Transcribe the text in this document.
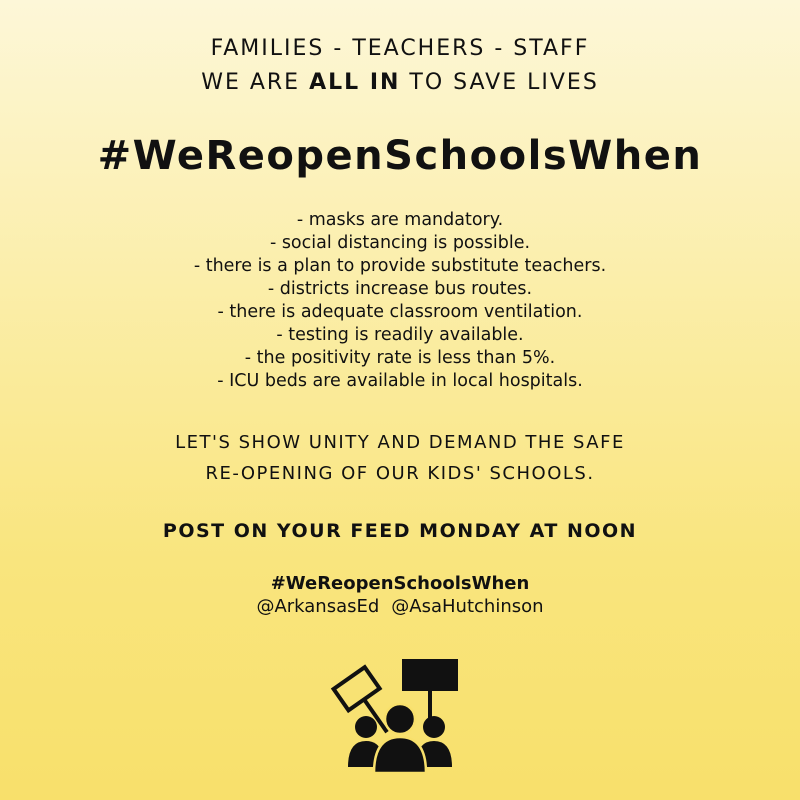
FAMILIES - TEACHERS - STAFF
WE ARE ALL IN TO SAVE LIVES
#WeReopenSchoolsWhen
- masks are mandatory.
- social distancing is possible.
- there is a plan to provide substitute teachers.
- districts increase bus routes.
- there is adequate classroom ventilation.
- testing is readily available.
- the positivity rate is less than 5%.
- ICU beds are available in local hospitals.
LET'S SHOW UNITY AND DEMAND THE SAFE
RE-OPENING OF OUR KIDS' SCHOOLS.
POST ON YOUR FEED MONDAY AT NOON
#WeReopenSchoolsWhen
@ArkansasEd @AsaHutchinson
